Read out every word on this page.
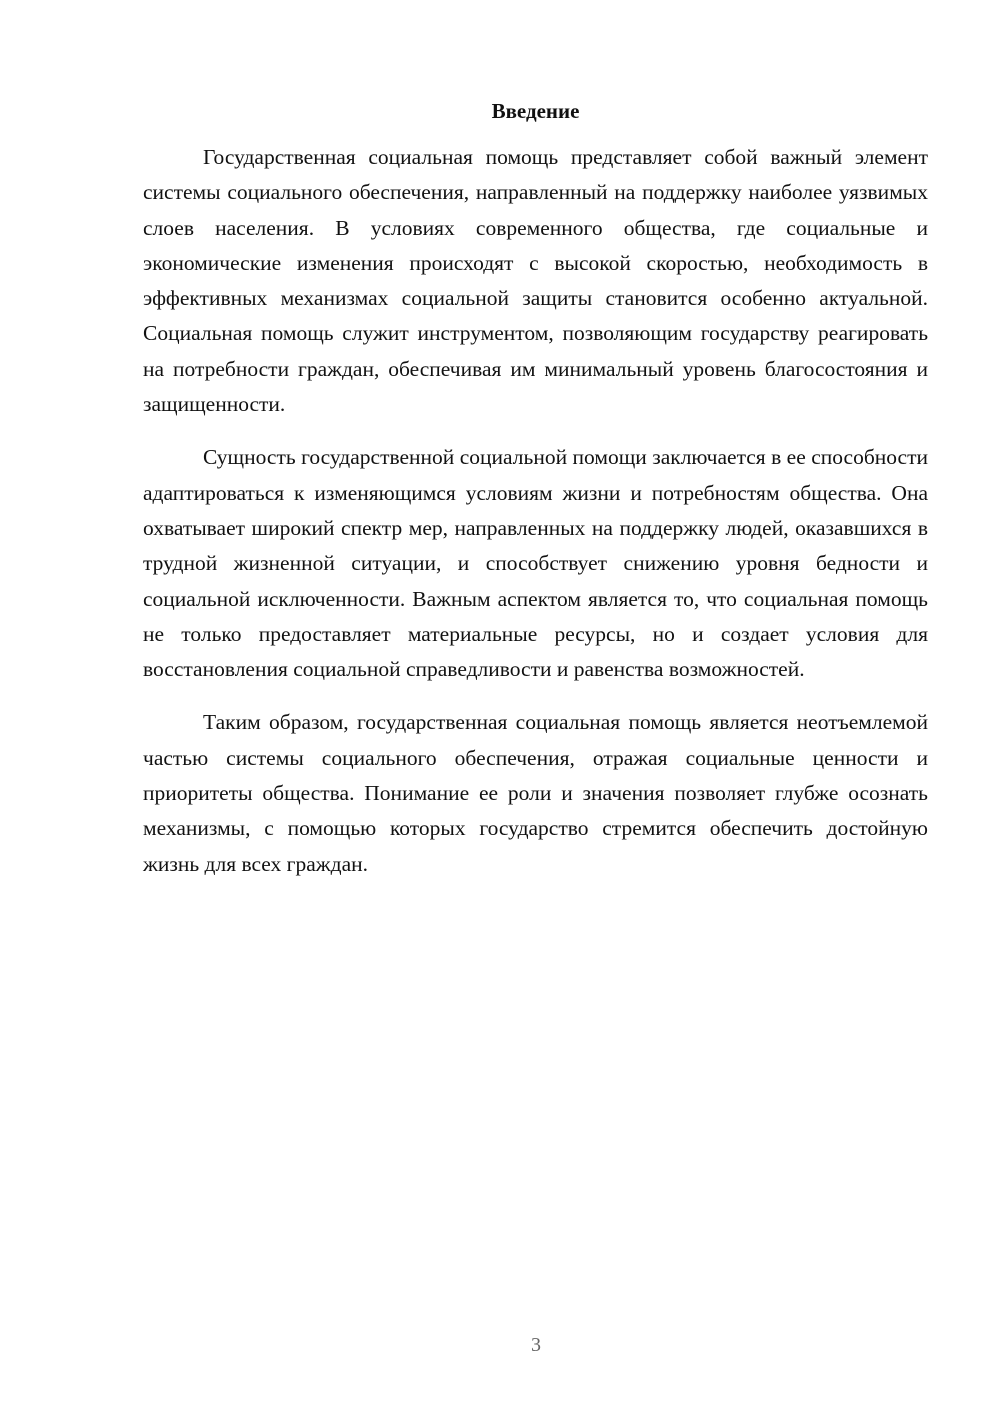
Введение

Государственная социальная помощь представляет собой важный элемент системы социального обеспечения, направленный на поддержку наиболее уязвимых слоев населения. В условиях современного общества, где социальные и экономические изменения происходят с высокой скоростью, необходимость в эффективных механизмах социальной защиты становится особенно актуальной. Социальная помощь служит инструментом, позволяющим государству реагировать на потребности граждан, обеспечивая им минимальный уровень благосостояния и защищенности.

Сущность государственной социальной помощи заключается в ее способности адаптироваться к изменяющимся условиям жизни и потребностям общества. Она охватывает широкий спектр мер, направленных на поддержку людей, оказавшихся в трудной жизненной ситуации, и способствует снижению уровня бедности и социальной исключенности. Важным аспектом является то, что социальная помощь не только предоставляет материальные ресурсы, но и создает условия для восстановления социальной справедливости и равенства возможностей.

Таким образом, государственная социальная помощь является неотъемлемой частью системы социального обеспечения, отражая социальные ценности и приоритеты общества. Понимание ее роли и значения позволяет глубже осознать механизмы, с помощью которых государство стремится обеспечить достойную жизнь для всех граждан.

3
